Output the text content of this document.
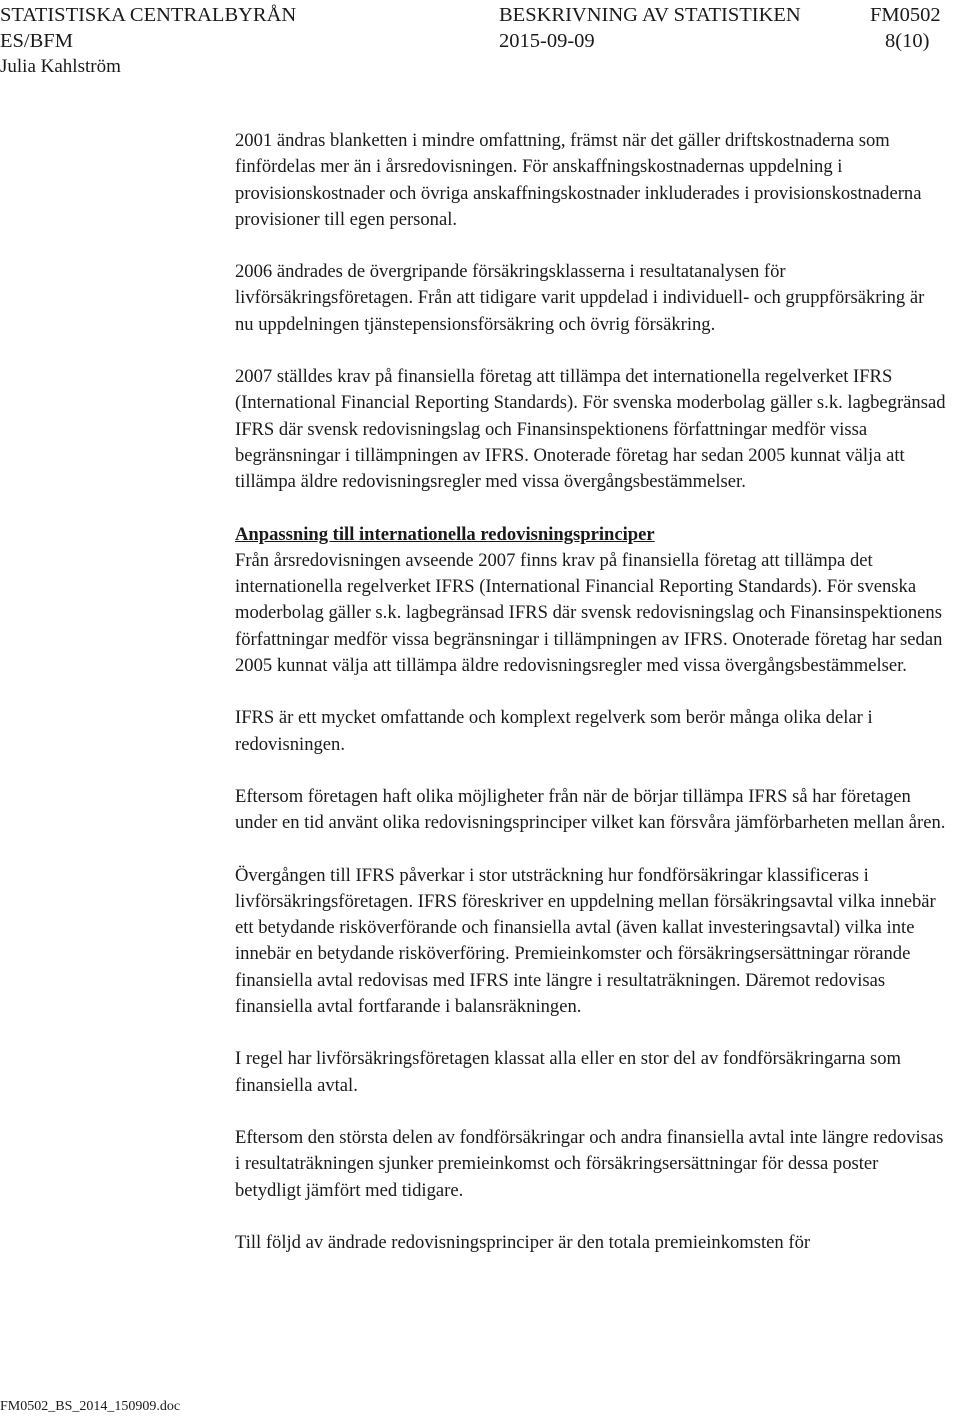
STATISTISKA CENTRALBYRÅN	BESKRIVNING AV STATISTIKEN	FM0502
ES/BFM	2015-09-09	8(10)
Julia Kahlström

2001 ändras blanketten i mindre omfattning, främst när det gäller driftskostnaderna som finfördelas mer än i årsredovisningen. För anskaffningskostnadernas uppdelning i provisionskostnader och övriga anskaffningskostnader inkluderades i provisionskostnaderna provisioner till egen personal.

2006 ändrades de övergripande försäkringsklasserna i resultatanalysen för livförsäkringsföretagen. Från att tidigare varit uppdelad i individuell- och gruppförsäkring är nu uppdelningen tjänstepensionsförsäkring och övrig försäkring.

2007 ställdes krav på finansiella företag att tillämpa det internationella regelverket IFRS (International Financial Reporting Standards). För svenska moderbolag gäller s.k. lagbegränsad IFRS där svensk redovisningslag och Finansinspektionens författningar medför vissa begränsningar i tillämpningen av IFRS. Onoterade företag har sedan 2005 kunnat välja att tillämpa äldre redovisningsregler med vissa övergångsbestämmelser.

Anpassning till internationella redovisningsprinciper
Från årsredovisningen avseende 2007 finns krav på finansiella företag att tillämpa det internationella regelverket IFRS (International Financial Reporting Standards). För svenska moderbolag gäller s.k. lagbegränsad IFRS där svensk redovisningslag och Finansinspektionens författningar medför vissa begränsningar i tillämpningen av IFRS. Onoterade företag har sedan 2005 kunnat välja att tillämpa äldre redovisningsregler med vissa övergångsbestämmelser.

IFRS är ett mycket omfattande och komplext regelverk som berör många olika delar i redovisningen.

Eftersom företagen haft olika möjligheter från när de börjar tillämpa IFRS så har företagen under en tid använt olika redovisningsprinciper vilket kan försvåra jämförbarheten mellan åren.

Övergången till IFRS påverkar i stor utsträckning hur fondförsäkringar klassificeras i livförsäkringsföretagen. IFRS föreskriver en uppdelning mellan försäkringsavtal vilka innebär ett betydande risköverförande och finansiella avtal (även kallat investeringsavtal) vilka inte innebär en betydande risköverföring. Premieinkomster och försäkringsersättningar rörande finansiella avtal redovisas med IFRS inte längre i resultaträkningen. Däremot redovisas finansiella avtal fortfarande i balansräkningen.

I regel har livförsäkringsföretagen klassat alla eller en stor del av fondförsäkringarna som finansiella avtal.

Eftersom den största delen av fondförsäkringar och andra finansiella avtal inte längre redovisas i resultaträkningen sjunker premieinkomst och försäkringsersättningar för dessa poster betydligt jämfört med tidigare.

Till följd av ändrade redovisningsprinciper är den totala premieinkomsten för

FM0502_BS_2014_150909.doc
